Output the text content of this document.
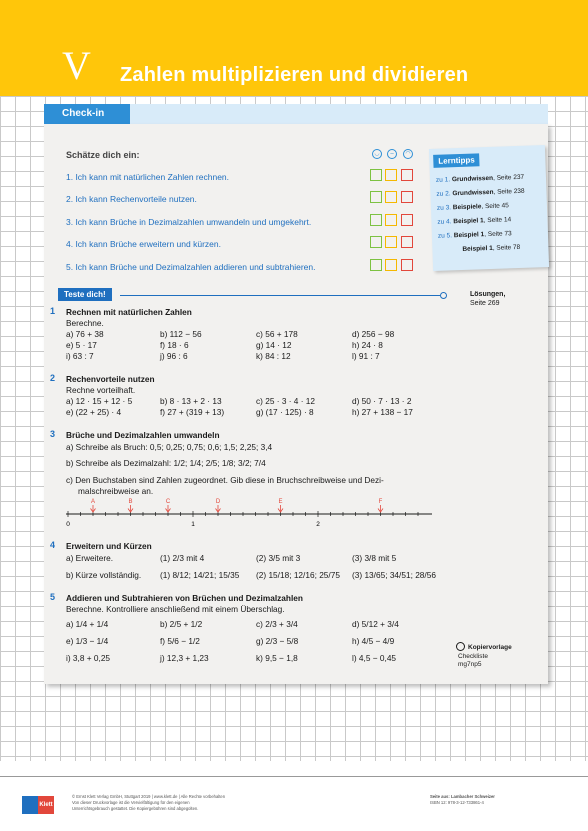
V Zahlen multiplizieren und dividieren
Check-in
Schätze dich ein:	◡	–	◠
1. Ich kann mit natürlichen Zahlen rechnen.
2. Ich kann Rechenvorteile nutzen.
3. Ich kann Brüche in Dezimalzahlen umwandeln und umgekehrt.
4. Ich kann Brüche erweitern und kürzen.
5. Ich kann Brüche und Dezimalzahlen addieren und subtrahieren.
Lerntipps
zu 1. Grundwissen, Seite 237
zu 2. Grundwissen, Seite 238
zu 3. Beispiele, Seite 45
zu 4. Beispiel 1, Seite 14
zu 5. Beispiel 1, Seite 73
Beispiel 1, Seite 78
Teste dich!	Lösungen,
Seite 269
1 Rechnen mit natürlichen Zahlen
Berechne.
a) 76 + 38	b) 112 − 56	c) 56 + 178	d) 256 − 98
e) 5 · 17	f) 18 · 6	g) 14 · 12	h) 24 · 8
i) 63 : 7	j) 96 : 6	k) 84 : 12	l) 91 : 7
2 Rechenvorteile nutzen
Rechne vorteilhaft.
a) 12 · 15 + 12 · 5	b) 8 · 13 + 2 · 13	c) 25 · 3 · 4 · 12	d) 50 · 7 · 13 · 2
e) (22 + 25) · 4	f) 27 + (319 + 13)	g) (17 · 125) · 8	h) 27 + 138 − 17
3 Brüche und Dezimalzahlen umwandeln
a) Schreibe als Bruch: 0,5; 0,25; 0,75; 0,6; 1,5; 2,25; 3,4
b) Schreibe als Dezimalzahl: 1/2; 1/4; 2/5; 1/8; 3/2; 7/4
c) Den Buchstaben sind Zahlen zugeordnet. Gib diese in Bruchschreibweise und Dezi-
malschreibweise an.
A	B	C	D	E	F
0	1	2
4 Erweitern und Kürzen
a) Erweitere.	(1) 2/3 mit 4	(2) 3/5 mit 3	(3) 3/8 mit 5
b) Kürze vollständig. (1) 8/12; 14/21; 15/35 (2) 15/18; 12/16; 25/75 (3) 13/65; 34/51; 28/56
5 Addieren und Subtrahieren von Brüchen und Dezimalzahlen
Berechne. Kontrolliere anschließend mit einem Überschlag.
a) 1/4 + 1/4	b) 2/5 + 1/2	c) 2/3 + 3/4	d) 5/12 + 3/4
e) 1/3 − 1/4	f) 5/6 − 1/2	g) 2/3 − 5/8	h) 4/5 − 4/9
i) 3,8 + 0,25	j) 12,3 + 1,23	k) 9,5 − 1,8	l) 4,5 − 0,45
Kopiervorlage
Checkliste
mg7np5
Klett
© Ernst Klett Verlag GmbH, Stuttgart 2019 | www.klett.de | Alle Rechte vorbehalten
Von dieser Druckvorlage ist die Vervielfältigung für den eigenen
Unterrichtsgebrauch gestattet. Die Kopiergebühren sind abgegolten.
Seite aus: Lambacher Schweizer
ISBN 12: 978-3-12-733861-4
